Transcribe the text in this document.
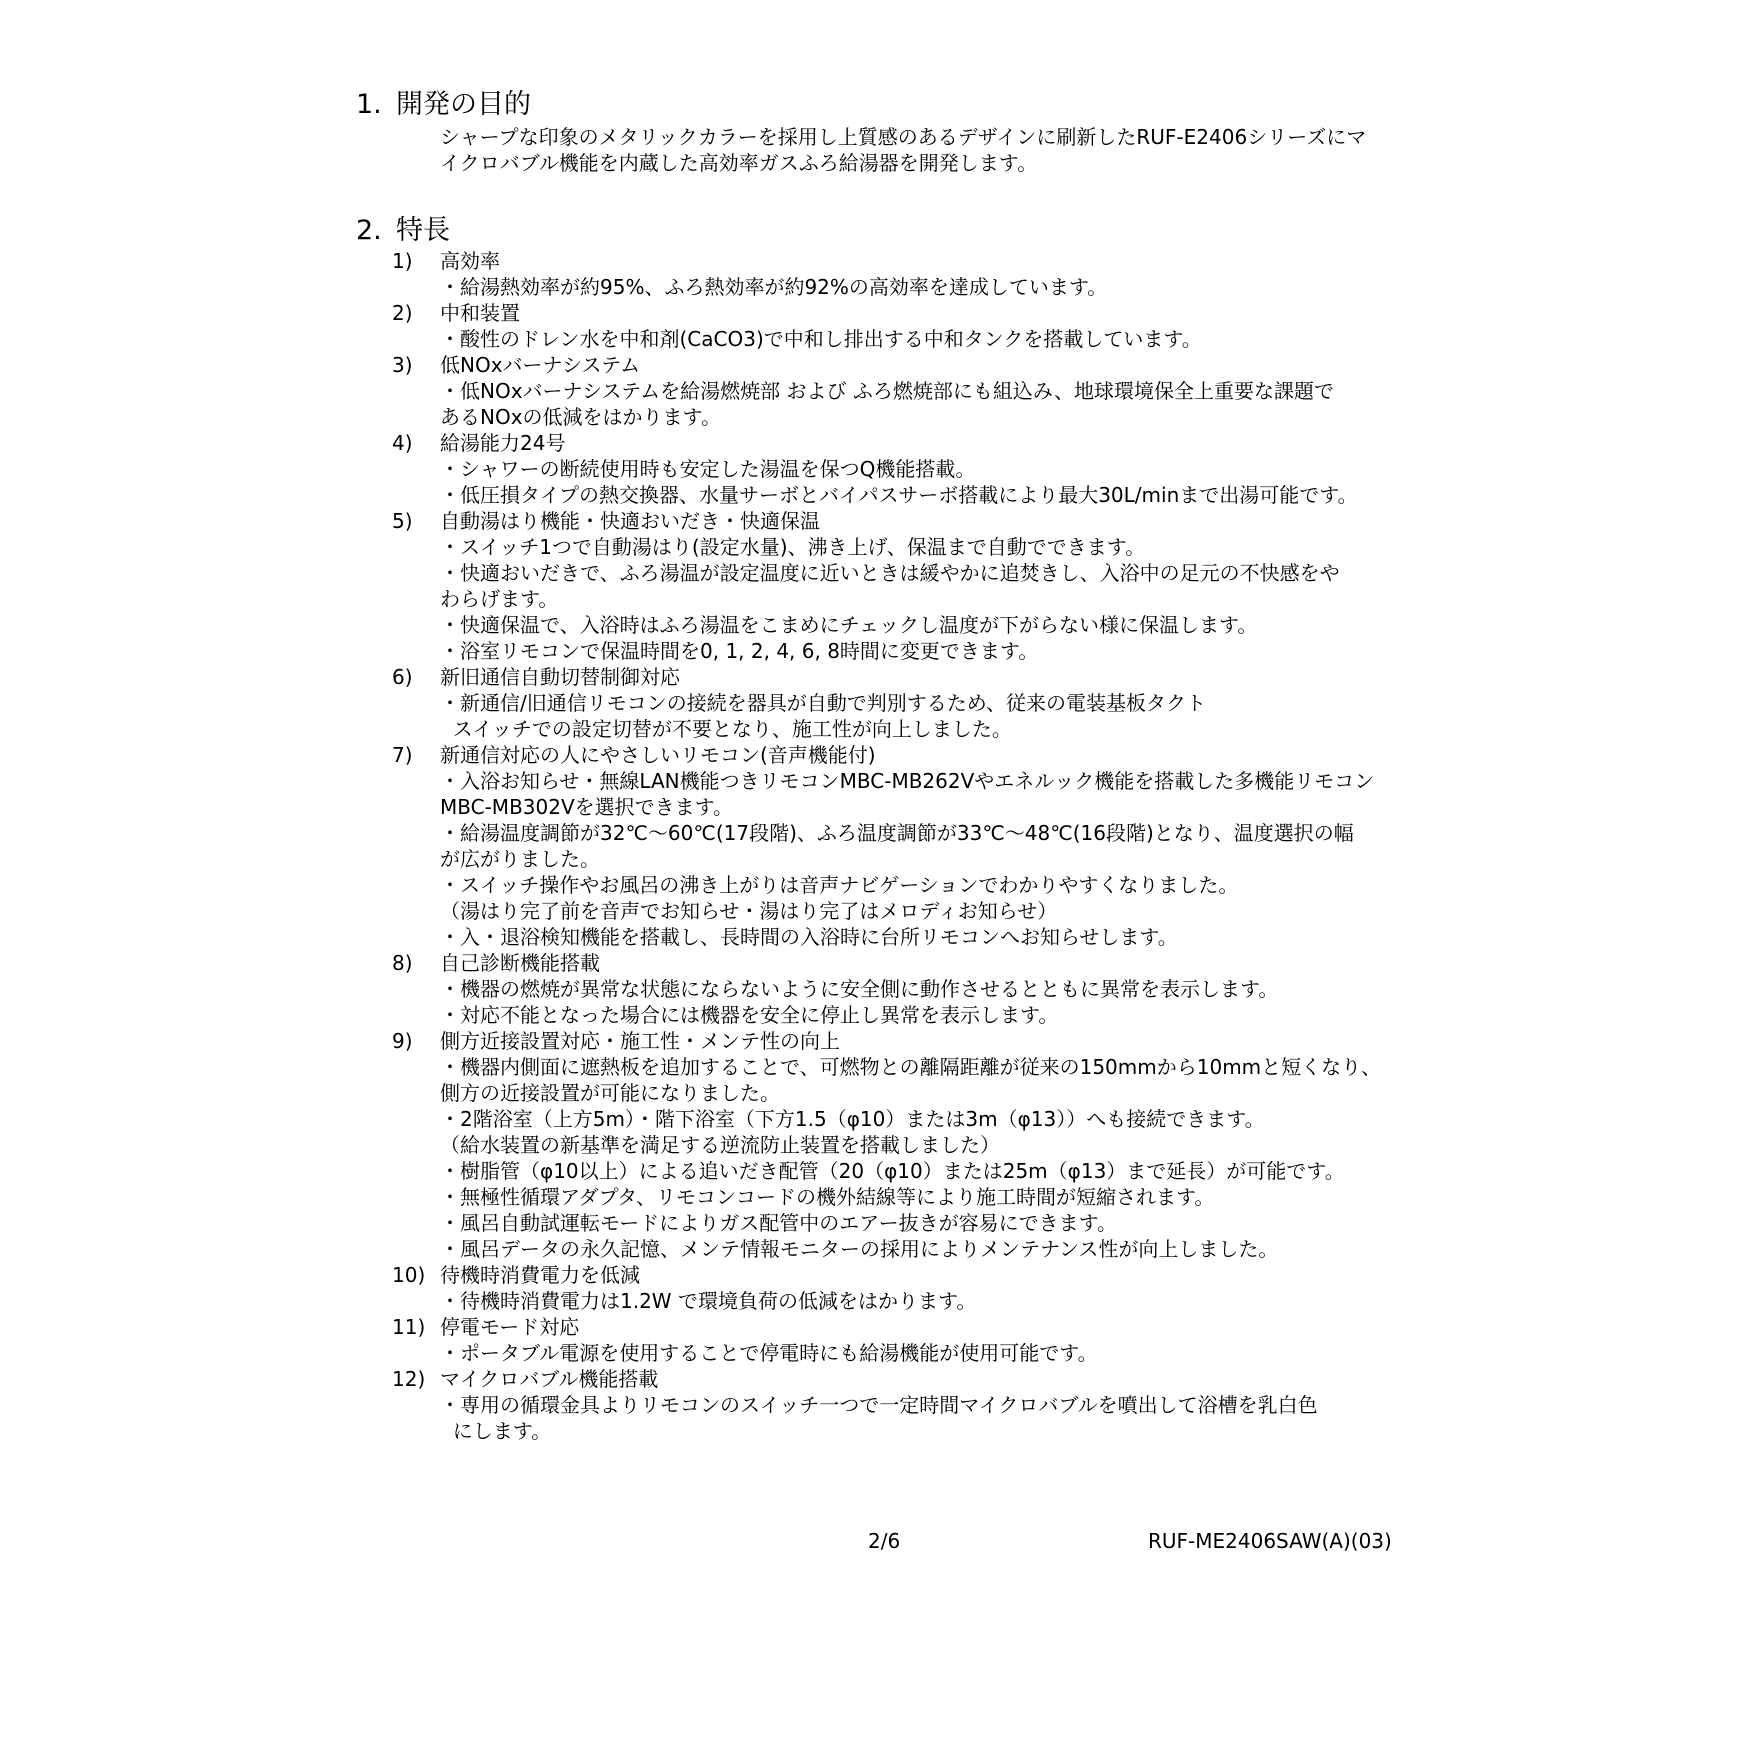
1. 開発の目的

シャープな印象のメタリックカラーを採用し上質感のあるデザインに刷新したRUF-E2406シリーズにマ

イクロバブル機能を内蔵した高効率ガスふろ給湯器を開発します。

2. 特長
1)	高効率
・給湯熱効率が約95%、ふろ熱効率が約92%の高効率を達成しています。
2)	中和装置
・酸性のドレン水を中和剤(CaCO3)で中和し排出する中和タンクを搭載しています。
3)	低NOxバーナシステム
・低NOxバーナシステムを給湯燃焼部 および ふろ燃焼部にも組込み、地球環境保全上重要な課題で
あるNOxの低減をはかります。
4)	給湯能力24号
・シャワーの断続使用時も安定した湯温を保つQ機能搭載。
・低圧損タイプの熱交換器、水量サーボとバイパスサーボ搭載により最大30L/minまで出湯可能です。
5)	自動湯はり機能・快適おいだき・快適保温
・スイッチ1つで自動湯はり(設定水量)、沸き上げ、保温まで自動でできます。
・快適おいだきで、ふろ湯温が設定温度に近いときは緩やかに追焚きし、入浴中の足元の不快感をや
わらげます。
・快適保温で、入浴時はふろ湯温をこまめにチェックし温度が下がらない様に保温します。
・浴室リモコンで保温時間を0, 1, 2, 4, 6, 8時間に変更できます。
6)	新旧通信自動切替制御対応
・新通信/旧通信リモコンの接続を器具が自動で判別するため、従来の電装基板タクト
スイッチでの設定切替が不要となり、施工性が向上しました。
7)	新通信対応の人にやさしいリモコン(音声機能付)
・入浴お知らせ・無線LAN機能つきリモコンMBC-MB262Vやエネルック機能を搭載した多機能リモコン
MBC-MB302Vを選択できます。
・給湯温度調節が32℃～60℃(17段階)、ふろ温度調節が33℃～48℃(16段階)となり、温度選択の幅
が広がりました。
・スイッチ操作やお風呂の沸き上がりは音声ナビゲーションでわかりやすくなりました。
（湯はり完了前を音声でお知らせ・湯はり完了はメロディお知らせ）
・入・退浴検知機能を搭載し、長時間の入浴時に台所リモコンへお知らせします。
8)	自己診断機能搭載
・機器の燃焼が異常な状態にならないように安全側に動作させるとともに異常を表示します。
・対応不能となった場合には機器を安全に停止し異常を表示します。
9)	側方近接設置対応・施工性・メンテ性の向上
・機器内側面に遮熱板を追加することで、可燃物との離隔距離が従来の150mmから10mmと短くなり、
側方の近接設置が可能になりました。
・2階浴室（上方5m）・階下浴室（下方1.5（φ10）または3m（φ13））へも接続できます。
（給水装置の新基準を満足する逆流防止装置を搭載しました）
・樹脂管（φ10以上）による追いだき配管（20（φ10）または25m（φ13）まで延長）が可能です。
・無極性循環アダプタ、リモコンコードの機外結線等により施工時間が短縮されます。
・風呂自動試運転モードによりガス配管中のエアー抜きが容易にできます。
・風呂データの永久記憶、メンテ情報モニターの採用によりメンテナンス性が向上しました。
10) 待機時消費電力を低減
・待機時消費電力は1.2W で環境負荷の低減をはかります。
11) 停電モード対応
・ポータブル電源を使用することで停電時にも給湯機能が使用可能です。
12) マイクロバブル機能搭載
・専用の循環金具よりリモコンのスイッチ一つで一定時間マイクロバブルを噴出して浴槽を乳白色
にします。
2/6	RUF-ME2406SAW(A)(03)
